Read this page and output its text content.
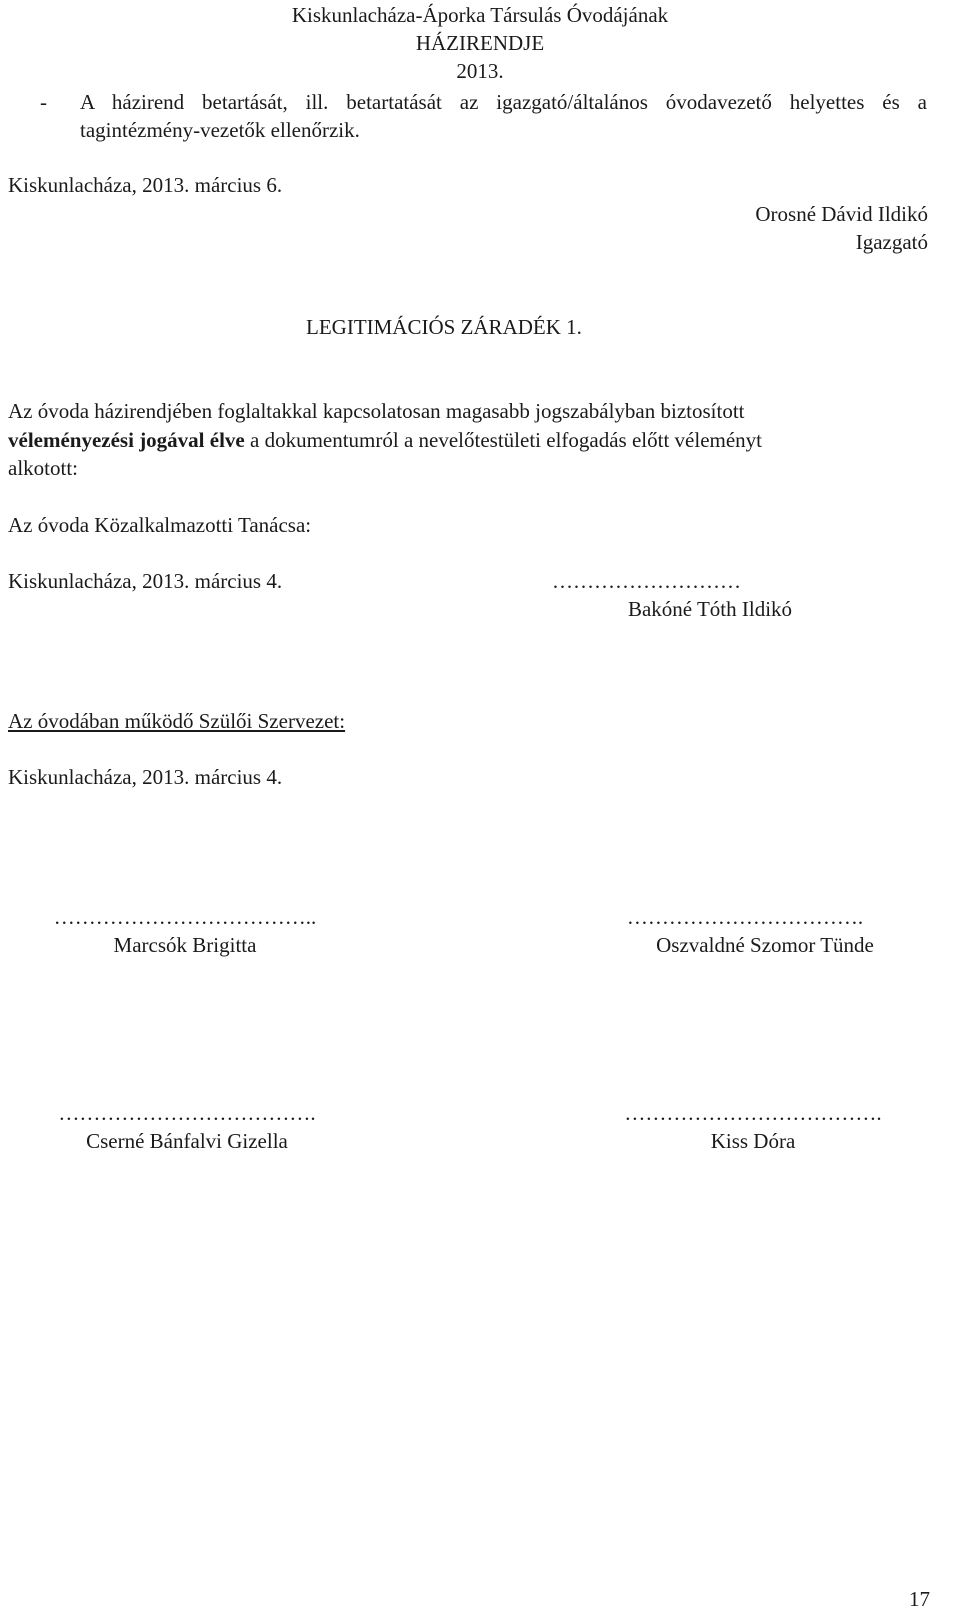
Kiskunlacháza-Áporka Társulás Óvodájának
HÁZIRENDJE
2013.
- A házirend betartását, ill. betartatását az igazgató/általános óvodavezető helyettes és a
tagintézmény-vezetők ellenőrzik.
Kiskunlacháza, 2013. március 6.
Orosné Dávid Ildikó
Igazgató
LEGITIMÁCIÓS ZÁRADÉK 1.
Az óvoda házirendjében foglaltakkal kapcsolatosan magasabb jogszabályban biztosított
véleményezési jogával élve a dokumentumról a nevelőtestületi elfogadás előtt véleményt
alkotott:
Az óvoda Közalkalmazotti Tanácsa:
Kiskunlacháza, 2013. március 4.	………………………
Bakóné Tóth Ildikó
Az óvodában működő Szülői Szervezet:
Kiskunlacháza, 2013. március 4.
………………………………..
Marcsók Brigitta
…………………………….
Oszvaldné Szomor Tünde
……………………………….
Cserné Bánfalvi Gizella
……………………………….
Kiss Dóra
17
